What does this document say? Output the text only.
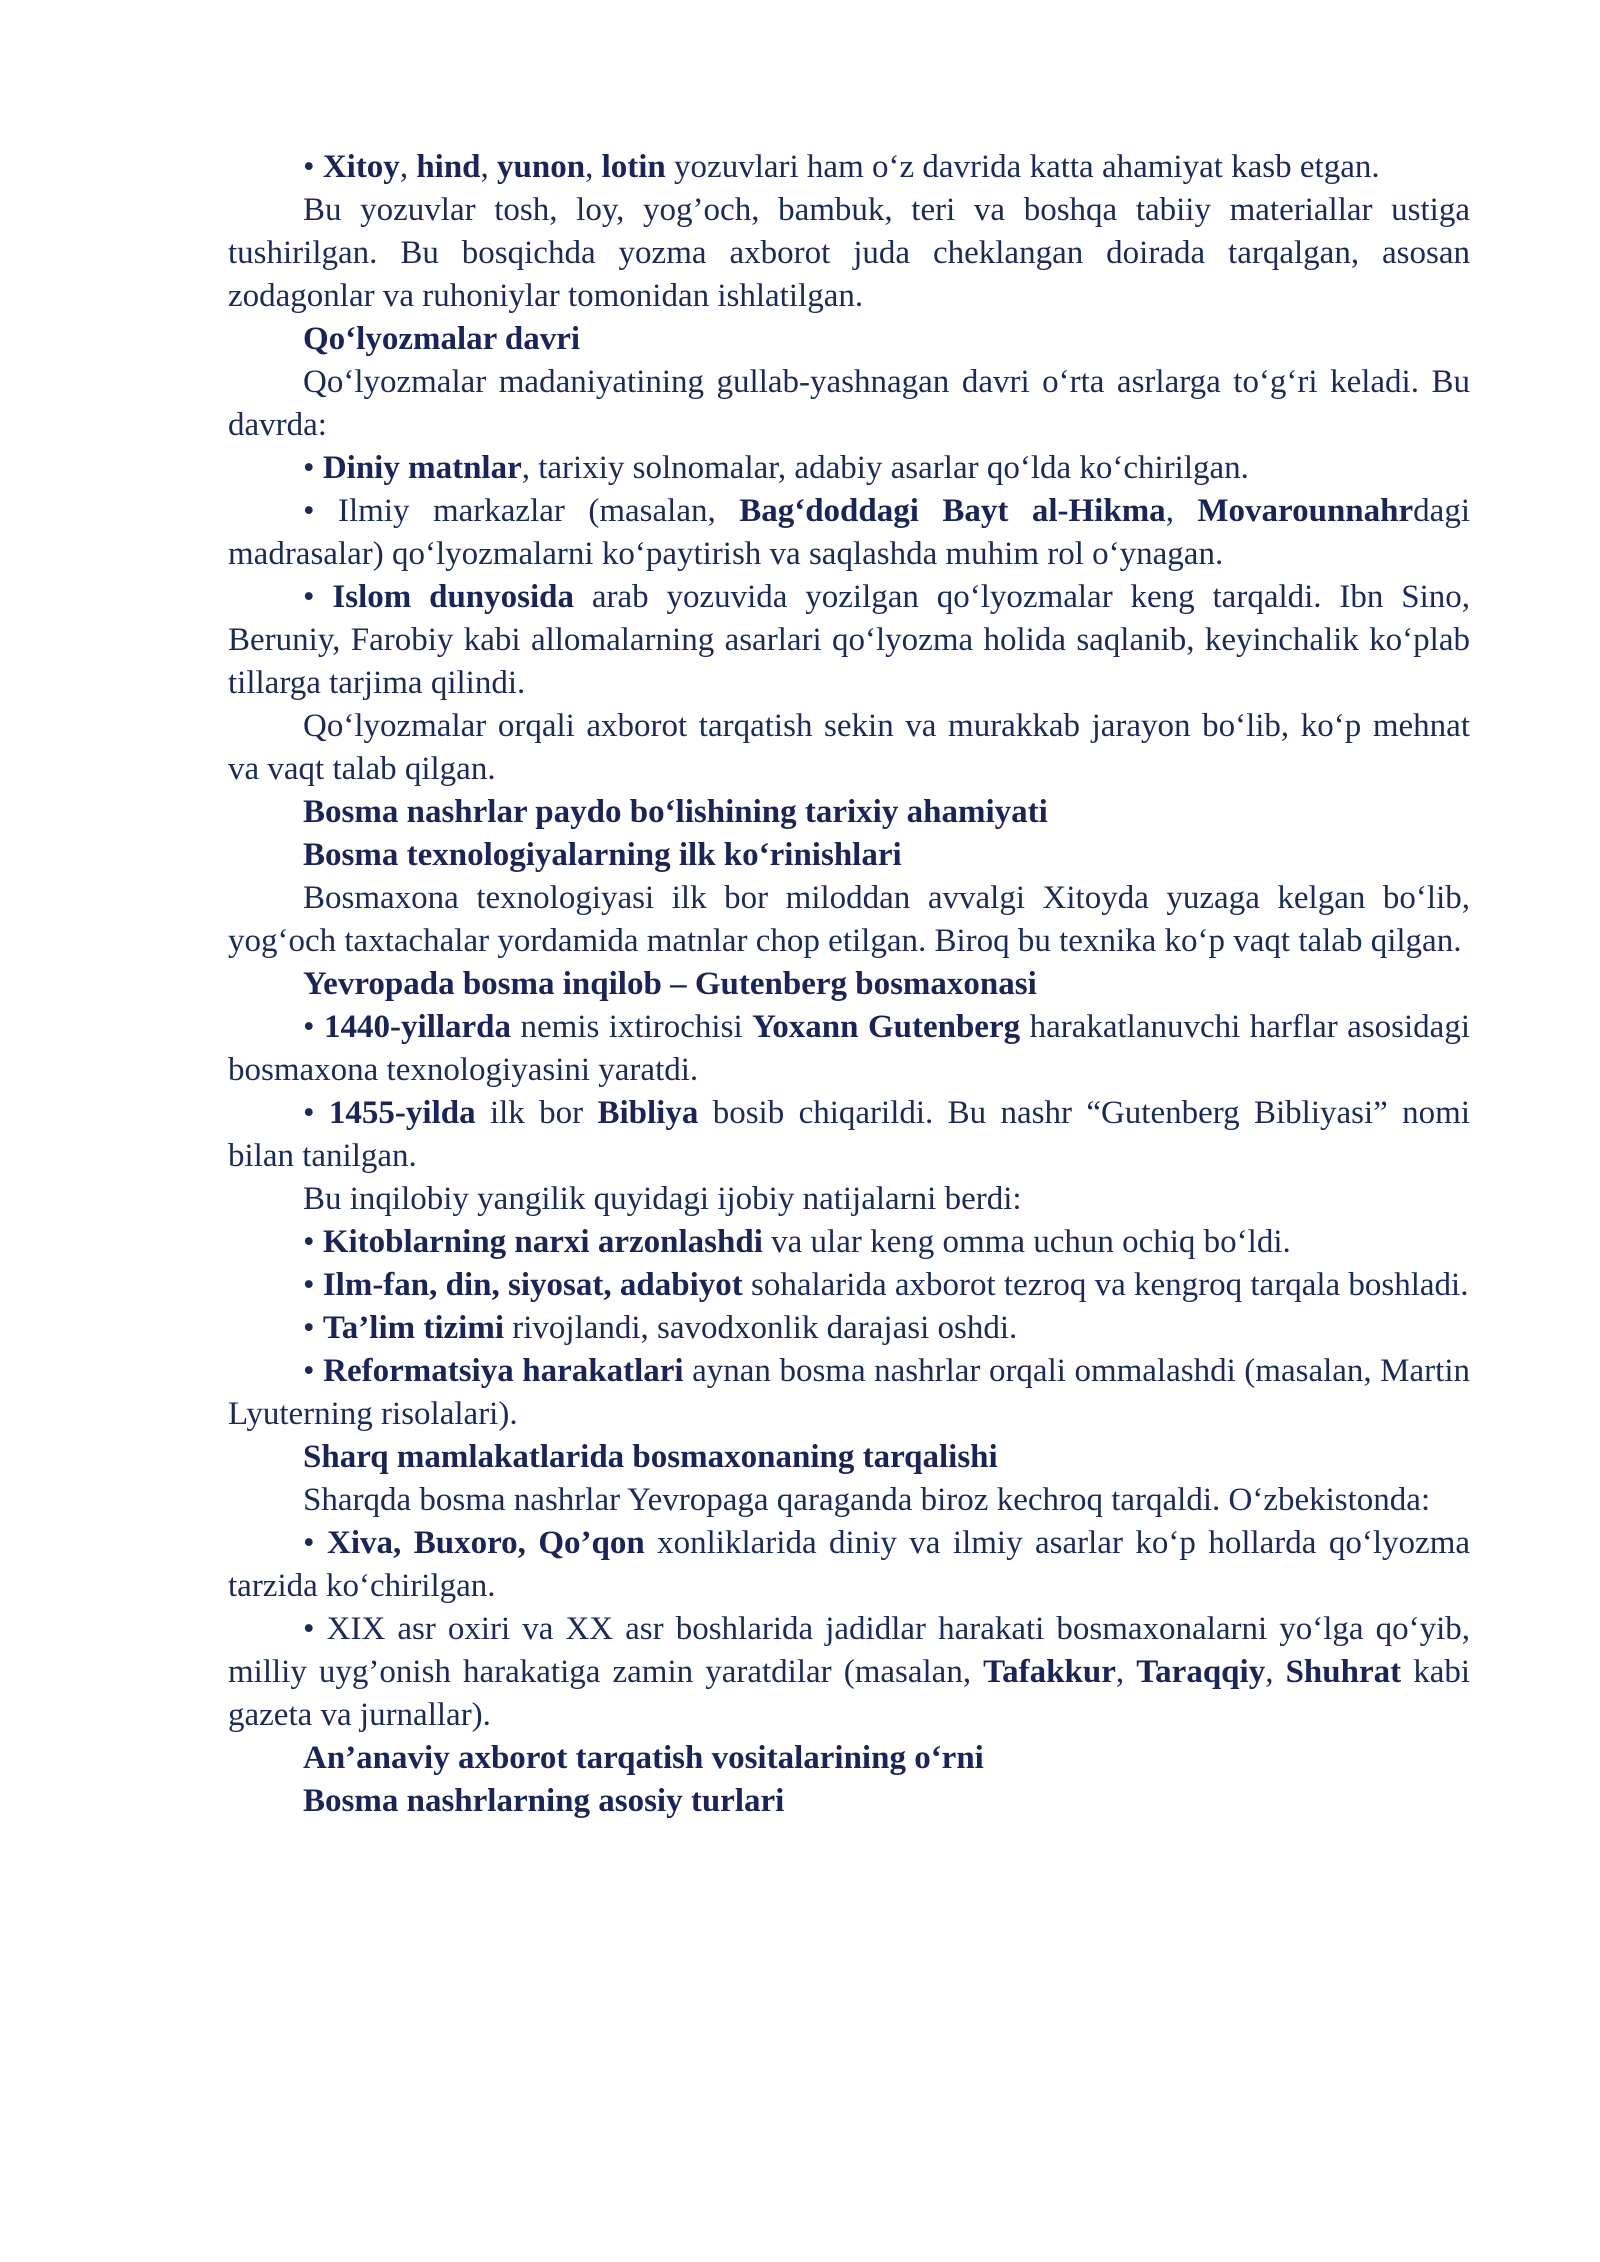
• Xitoy, hind, yunon, lotin yozuvlari ham o‘z davrida katta ahamiyat kasb etgan.

Bu yozuvlar tosh, loy, yog’och, bambuk, teri va boshqa tabiiy materiallar ustiga tushirilgan. Bu bosqichda yozma axborot juda cheklangan doirada tarqalgan, asosan zodagonlar va ruhoniylar tomonidan ishlatilgan.

Qo‘lyozmalar davri

Qo‘lyozmalar madaniyatining gullab-yashnagan davri o‘rta asrlarga to‘g‘ri keladi. Bu davrda:

• Diniy matnlar, tarixiy solnomalar, adabiy asarlar qo‘lda ko‘chirilgan.

• Ilmiy markazlar (masalan, Bag‘doddagi Bayt al-Hikma, Movarounnahrdagi madrasalar) qo‘lyozmalarni ko‘paytirish va saqlashda muhim rol o‘ynagan.

• Islom dunyosida arab yozuvida yozilgan qo‘lyozmalar keng tarqaldi. Ibn Sino, Beruniy, Farobiy kabi allomalarning asarlari qo‘lyozma holida saqlanib, keyinchalik ko‘plab tillarga tarjima qilindi.

Qo‘lyozmalar orqali axborot tarqatish sekin va murakkab jarayon bo‘lib, ko‘p mehnat va vaqt talab qilgan.

Bosma nashrlar paydo bo‘lishining tarixiy ahamiyati

Bosma texnologiyalarning ilk ko‘rinishlari

Bosmaxona texnologiyasi ilk bor miloddan avvalgi Xitoyda yuzaga kelgan bo‘lib, yog‘och taxtachalar yordamida matnlar chop etilgan. Biroq bu texnika ko‘p vaqt talab qilgan.

Yevropada bosma inqilob – Gutenberg bosmaxonasi

• 1440-yillarda nemis ixtirochisi Yoxann Gutenberg harakatlanuvchi harflar asosidagi bosmaxona texnologiyasini yaratdi.

• 1455-yilda ilk bor Bibliya bosib chiqarildi. Bu nashr “Gutenberg Bibliyasi” nomi bilan tanilgan.

Bu inqilobiy yangilik quyidagi ijobiy natijalarni berdi:

• Kitoblarning narxi arzonlashdi va ular keng omma uchun ochiq bo‘ldi.

• Ilm-fan, din, siyosat, adabiyot sohalarida axborot tezroq va kengroq tarqala boshladi.

• Ta’lim tizimi rivojlandi, savodxonlik darajasi oshdi.

• Reformatsiya harakatlari aynan bosma nashrlar orqali ommalashdi (masalan, Martin Lyuterning risolalari).

Sharq mamlakatlarida bosmaxonaning tarqalishi

Sharqda bosma nashrlar Yevropaga qaraganda biroz kechroq tarqaldi. O‘zbekistonda:

• Xiva, Buxoro, Qo’qon xonliklarida diniy va ilmiy asarlar ko‘p hollarda qo‘lyozma tarzida ko‘chirilgan.

• XIX asr oxiri va XX asr boshlarida jadidlar harakati bosmaxonalarni yo‘lga qo‘yib, milliy uyg’onish harakatiga zamin yaratdilar (masalan, Tafakkur, Taraqqiy, Shuhrat kabi gazeta va jurnallar).

An’anaviy axborot tarqatish vositalarining o‘rni

Bosma nashrlarning asosiy turlari
